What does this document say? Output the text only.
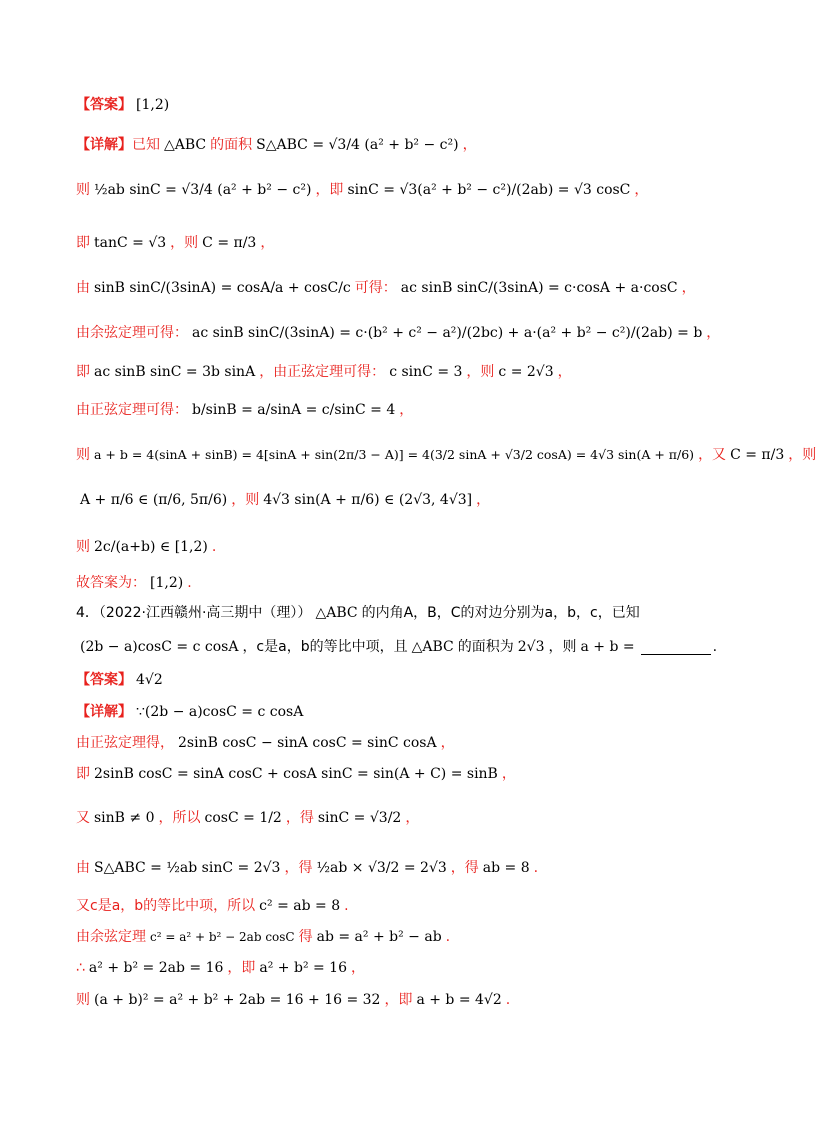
【答案】 [1,2)
【详解】 已知 △ABC 的面积 S△ABC = √3/4 (a² + b² − c²) ，
则 ½ab sinC = √3/4 (a² + b² − c²) ，即 sinC = √3(a² + b² − c²)/(2ab) = √3 cosC ，
即 tanC = √3 ，则 C = π/3 ，
由 sinB sinC/(3sinA) = cosA/a + cosC/c 可得： ac sinB sinC/(3sinA) = c·cosA + a·cosC ，
由余弦定理可得： ac sinB sinC/(3sinA) = c·(b² + c² − a²)/(2bc) + a·(a² + b² − c²)/(2ab) = b ，
即 ac sinB sinC = 3b sinA ，由正弦定理可得： c sinC = 3 ，则 c = 2√3 ，
由正弦定理可得： b/sinB = a/sinA = c/sinC = 4 ，
则 a + b = 4(sinA + sinB) = 4[sinA + sin(2π/3 − A)] = 4(3/2 sinA + √3/2 cosA) = 4√3 sin(A + π/6) ，又 C = π/3 ，则
A + π/6 ∈ (π/6, 5π/6) ，则 4√3 sin(A + π/6) ∈ (2√3, 4√3] ，
则 2c/(a+b) ∈ [1,2) .
故答案为： [1,2) .
4．（2022·江西赣州·高三期中（理）） △ABC 的内角A，B，C的对边分别为a，b，c，已知
(2b − a)cosC = c cosA ，c是a，b的等比中项，且 △ABC 的面积为 2√3 ，则 a + b =	.
【答案】 4√2
【详解】 ∵(2b − a)cosC = c cosA
由正弦定理得， 2sinB cosC − sinA cosC = sinC cosA ，
即 2sinB cosC = sinA cosC + cosA sinC = sin(A + C) = sinB ，
又 sinB ≠ 0 ，所以 cosC = 1/2 ，得 sinC = √3/2 ，
由 S△ABC = ½ab sinC = 2√3 ，得 ½ab × √3/2 = 2√3 ，得 ab = 8 .
又c是a，b的等比中项，所以 c² = ab = 8 .
由余弦定理 c² = a² + b² − 2ab cosC 得 ab = a² + b² − ab .
∴ a² + b² = 2ab = 16 ，即 a² + b² = 16 ，
则 (a + b)² = a² + b² + 2ab = 16 + 16 = 32 ，即 a + b = 4√2 .
